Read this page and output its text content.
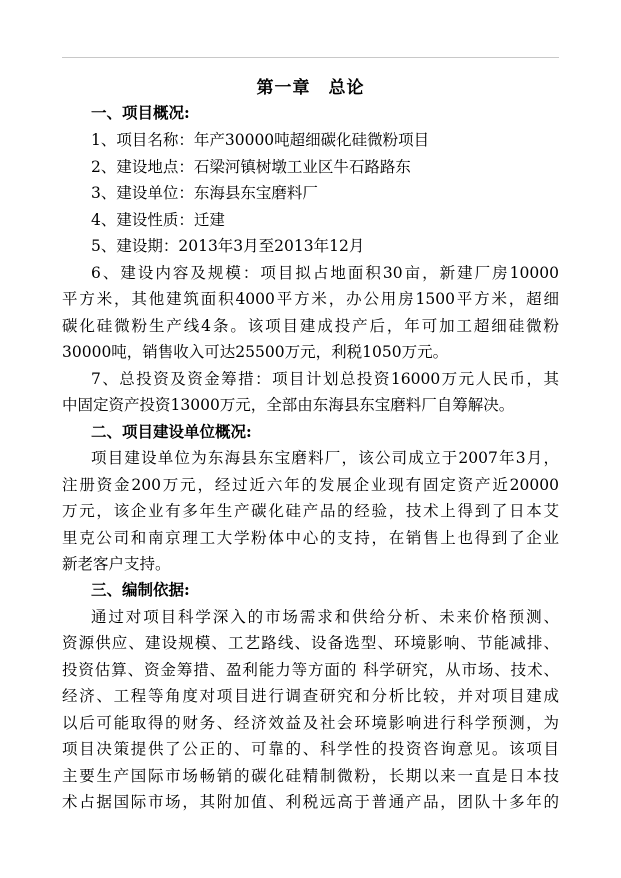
第一章　总论
一、项目概况:
1、项目名称：年产30000吨超细碳化硅微粉项目
2、建设地点：石梁河镇树墩工业区牛石路路东
3、建设单位：东海县东宝磨料厂
4、建设性质：迁建
5、建设期：2013年3月至2013年12月
6、建设内容及规模：项目拟占地面积30亩，新建厂房10000
平方米，其他建筑面积4000平方米，办公用房1500平方米，超细
碳化硅微粉生产线4条。该项目建成投产后，年可加工超细硅微粉
30000吨，销售收入可达25500万元，利税1050万元。
7、总投资及资金筹措：项目计划总投资16000万元人民币，其
中固定资产投资13000万元，全部由东海县东宝磨料厂自筹解决。
二、项目建设单位概况:
项目建设单位为东海县东宝磨料厂，该公司成立于2007年3月，
注册资金200万元，经过近六年的发展企业现有固定资产近20000
万元，该企业有多年生产碳化硅产品的经验，技术上得到了日本艾
里克公司和南京理工大学粉体中心的支持，在销售上也得到了企业
新老客户支持。
三、编制依据:
通过对项目科学深入的市场需求和供给分析、未来价格预测、
资源供应、建设规模、工艺路线、设备选型、环境影响、节能减排、
投资估算、资金筹措、盈利能力等方面的 科学研究，从市场、技术、
经济、工程等角度对项目进行调查研究和分析比较，并对项目建成
以后可能取得的财务、经济效益及社会环境影响进行科学预测，为
项目决策提供了公正的、可靠的、科学性的投资咨询意见。该项目
主要生产国际市场畅销的碳化硅精制微粉，长期以来一直是日本技
术占据国际市场，其附加值、利税远高于普通产品，团队十多年的
